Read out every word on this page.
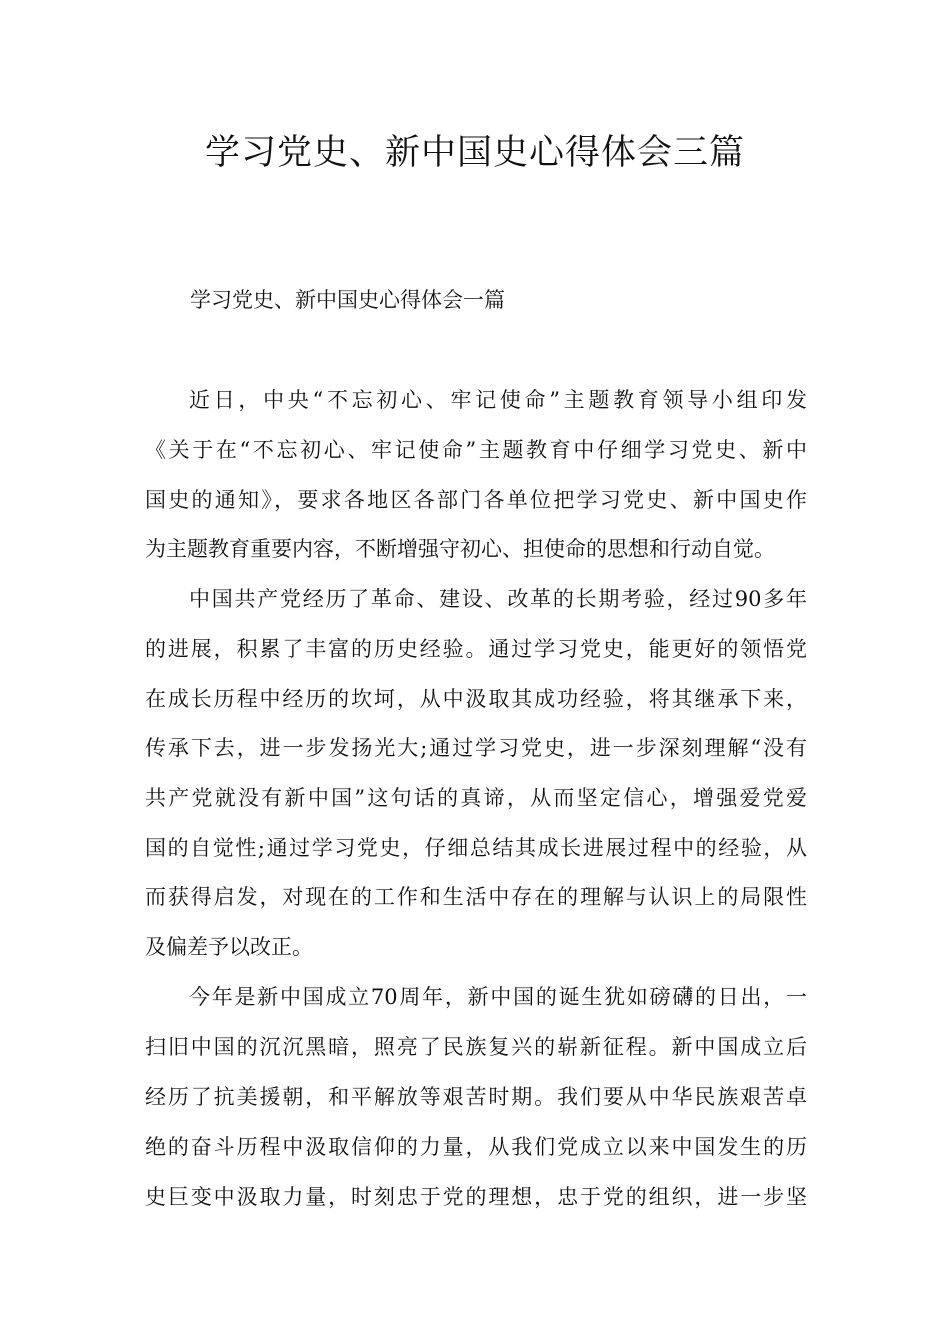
学习党史、新中国史心得体会三篇

学习党史、新中国史心得体会一篇

近日，中央“不忘初心、牢记使命”主题教育领导小组印发

《关于在“不忘初心、牢记使命”主题教育中仔细学习党史、新中

国史的通知》，要求各地区各部门各单位把学习党史、新中国史作

为主题教育重要内容，不断增强守初心、担使命的思想和行动自觉。

中国共产党经历了革命、建设、改革的长期考验，经过90多年

的进展，积累了丰富的历史经验。通过学习党史，能更好的领悟党

在成长历程中经历的坎坷，从中汲取其成功经验，将其继承下来，

传承下去，进一步发扬光大;通过学习党史，进一步深刻理解“没有

共产党就没有新中国”这句话的真谛，从而坚定信心，增强爱党爱

国的自觉性;通过学习党史，仔细总结其成长进展过程中的经验，从

而获得启发，对现在的工作和生活中存在的理解与认识上的局限性

及偏差予以改正。

今年是新中国成立70周年，新中国的诞生犹如磅礴的日出，一

扫旧中国的沉沉黑暗，照亮了民族复兴的崭新征程。新中国成立后

经历了抗美援朝，和平解放等艰苦时期。我们要从中华民族艰苦卓

绝的奋斗历程中汲取信仰的力量，从我们党成立以来中国发生的历

史巨变中汲取力量，时刻忠于党的理想，忠于党的组织，进一步坚
